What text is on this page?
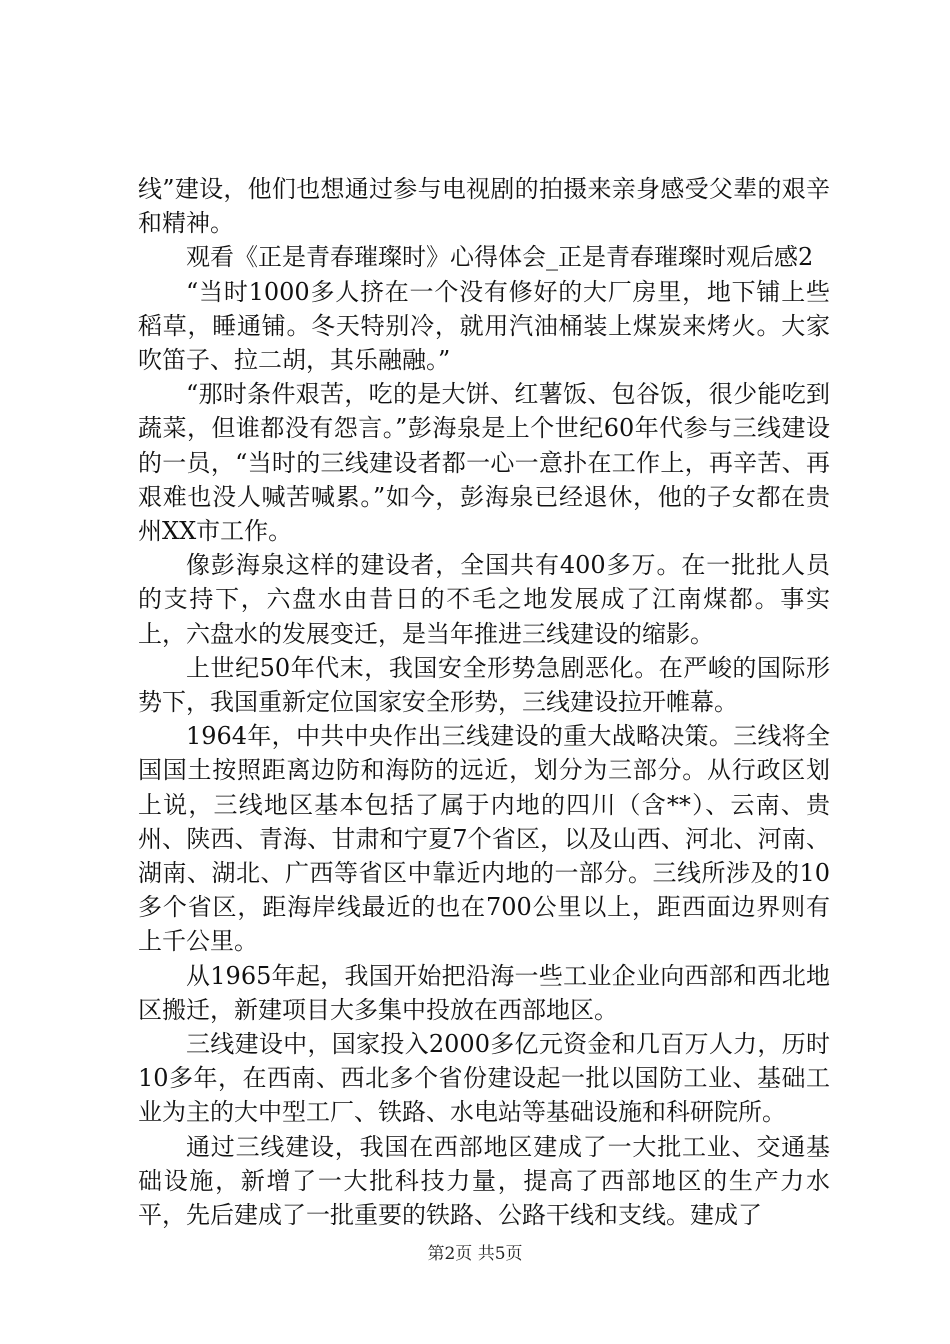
线”建设，他们也想通过参与电视剧的拍摄来亲身感受父辈的艰辛和精神。

观看《正是青春璀璨时》心得体会_正是青春璀璨时观后感2

“当时1000多人挤在一个没有修好的大厂房里，地下铺上些稻草，睡通铺。冬天特别冷，就用汽油桶装上煤炭来烤火。大家吹笛子、拉二胡，其乐融融。”

“那时条件艰苦，吃的是大饼、红薯饭、包谷饭，很少能吃到蔬菜，但谁都没有怨言。”彭海泉是上个世纪60年代参与三线建设的一员，“当时的三线建设者都一心一意扑在工作上，再辛苦、再艰难也没人喊苦喊累。”如今，彭海泉已经退休，他的子女都在贵州XX市工作。

像彭海泉这样的建设者，全国共有400多万。在一批批人员的支持下，六盘水由昔日的不毛之地发展成了江南煤都。事实上，六盘水的发展变迁，是当年推进三线建设的缩影。

上世纪50年代末，我国安全形势急剧恶化。在严峻的国际形势下，我国重新定位国家安全形势，三线建设拉开帷幕。

1964年，中共中央作出三线建设的重大战略决策。三线将全国国土按照距离边防和海防的远近，划分为三部分。从行政区划上说，三线地区基本包括了属于内地的四川（含**）、云南、贵州、陕西、青海、甘肃和宁夏7个省区，以及山西、河北、河南、湖南、湖北、广西等省区中靠近内地的一部分。三线所涉及的10多个省区，距海岸线最近的也在700公里以上，距西面边界则有上千公里。

从1965年起，我国开始把沿海一些工业企业向西部和西北地区搬迁，新建项目大多集中投放在西部地区。

三线建设中，国家投入2000多亿元资金和几百万人力，历时10多年，在西南、西北多个省份建设起一批以国防工业、基础工业为主的大中型工厂、铁路、水电站等基础设施和科研院所。

通过三线建设，我国在西部地区建成了一大批工业、交通基础设施，新增了一大批科技力量，提高了西部地区的生产力水平，先后建成了一批重要的铁路、公路干线和支线。建成了

第2页 共5页
